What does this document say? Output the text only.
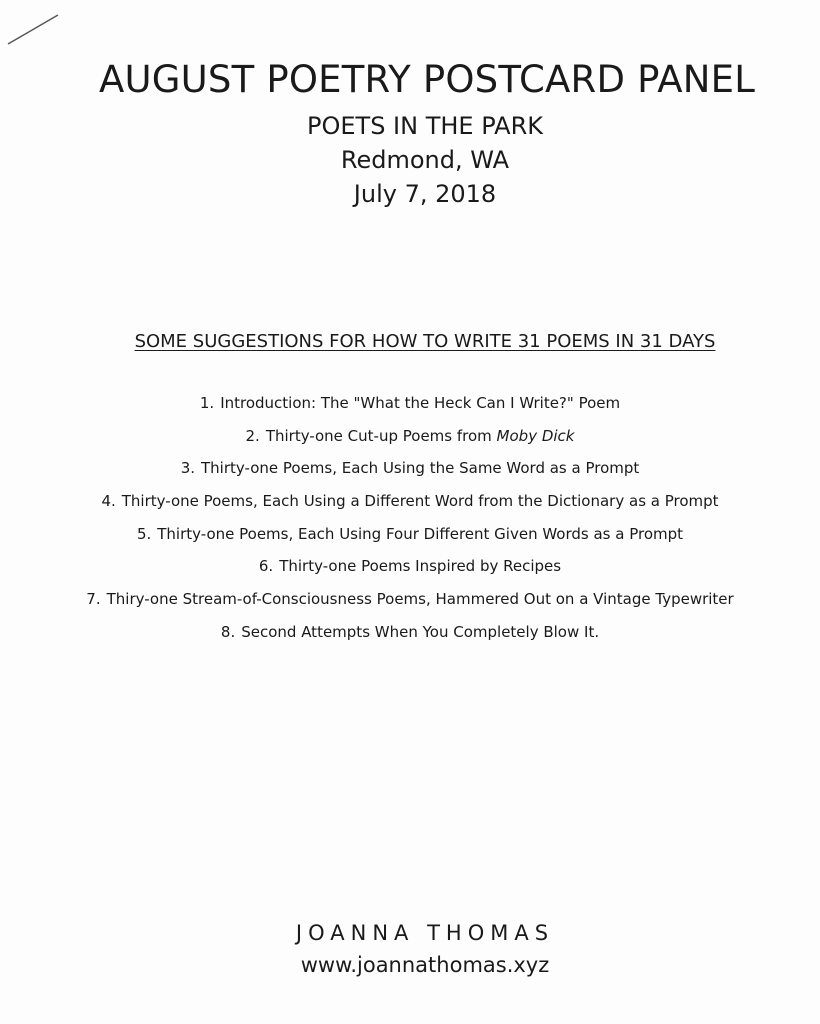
AUGUST POETRY POSTCARD PANEL
POETS IN THE PARK
Redmond, WA
July 7, 2018
SOME SUGGESTIONS FOR HOW TO WRITE 31 POEMS IN 31 DAYS
1. Introduction: The "What the Heck Can I Write?" Poem
2. Thirty-one Cut-up Poems from Moby Dick
3. Thirty-one Poems, Each Using the Same Word as a Prompt
4. Thirty-one Poems, Each Using a Different Word from the Dictionary as a Prompt
5. Thirty-one Poems, Each Using Four Different Given Words as a Prompt
6. Thirty-one Poems Inspired by Recipes
7. Thiry-one Stream-of-Consciousness Poems, Hammered Out on a Vintage Typewriter
8. Second Attempts When You Completely Blow It.
JOANNA THOMAS
www.joannathomas.xyz
